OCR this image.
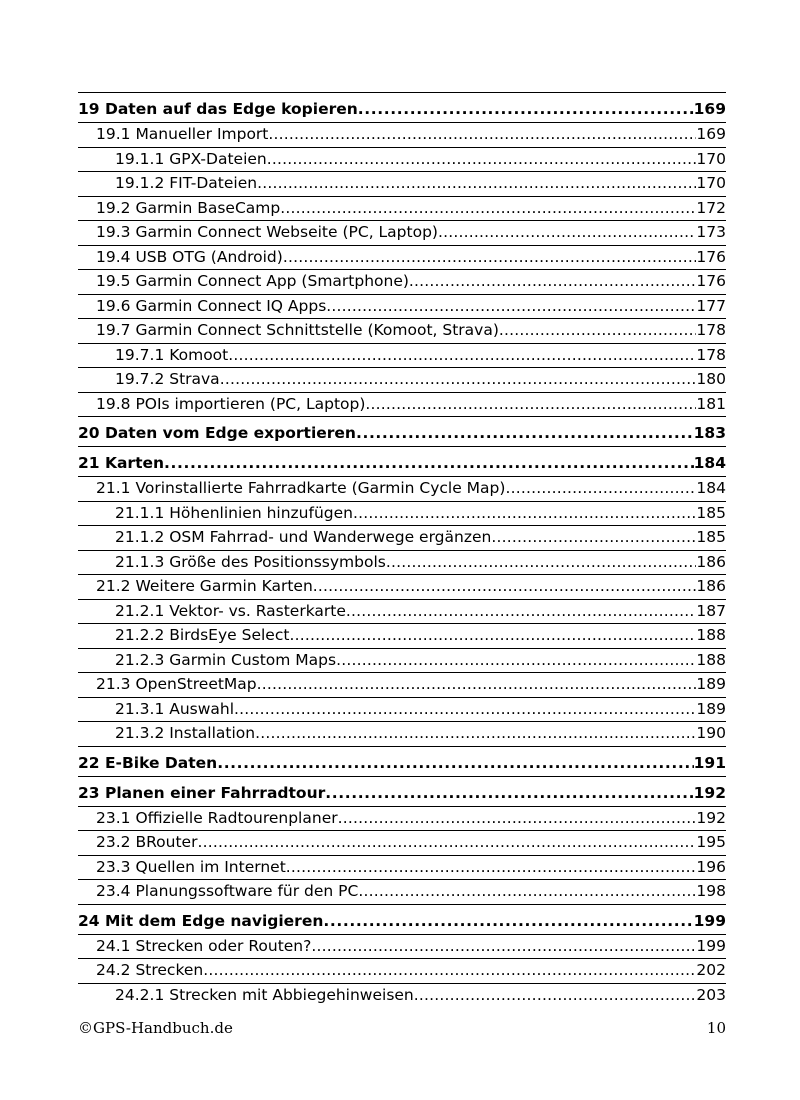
19 Daten auf das Edge kopieren .....	169
19.1 Manueller Import .....	169
19.1.1 GPX-Dateien .....	170
19.1.2 FIT-Dateien .....	170
19.2 Garmin BaseCamp .....	172
19.3 Garmin Connect Webseite (PC, Laptop) .....	173
19.4 USB OTG (Android) .....	176
19.5 Garmin Connect App (Smartphone) .....	176
19.6 Garmin Connect IQ Apps .....	177
19.7 Garmin Connect Schnittstelle (Komoot, Strava) .....	178
19.7.1 Komoot .....	178
19.7.2 Strava .....	180
19.8 POIs importieren (PC, Laptop) .....	181
20 Daten vom Edge exportieren .....	183
21 Karten .....	184
21.1 Vorinstallierte Fahrradkarte (Garmin Cycle Map) .....	184
21.1.1 Höhenlinien hinzufügen .....	185
21.1.2 OSM Fahrrad- und Wanderwege ergänzen .....	185
21.1.3 Größe des Positionssymbols .....	186
21.2 Weitere Garmin Karten .....	186
21.2.1 Vektor- vs. Rasterkarte .....	187
21.2.2 BirdsEye Select .....	188
21.2.3 Garmin Custom Maps .....	188
21.3 OpenStreetMap .....	189
21.3.1 Auswahl .....	189
21.3.2 Installation .....	190
22 E-Bike Daten .....	191
23 Planen einer Fahrradtour .....	192
23.1 Offizielle Radtourenplaner .....	192
23.2 BRouter .....	195
23.3 Quellen im Internet .....	196
23.4 Planungssoftware für den PC .....	198
24 Mit dem Edge navigieren .....	199
24.1 Strecken oder Routen? .....	199
24.2 Strecken .....	202
24.2.1 Strecken mit Abbiegehinweisen .....	203
©GPS-Handbuch.de	10
